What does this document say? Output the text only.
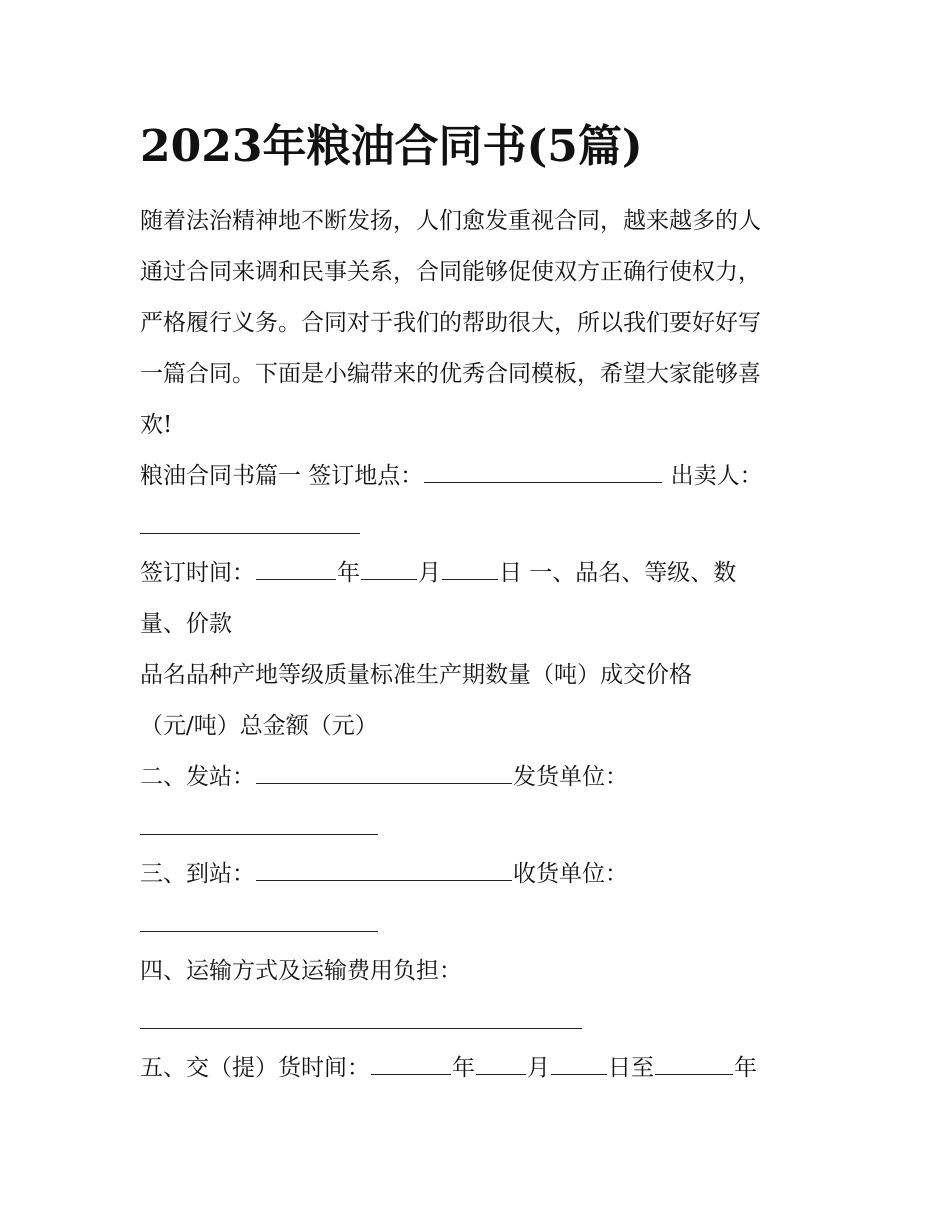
2023年粮油合同书(5篇)
随着法治精神地不断发扬，人们愈发重视合同，越来越多的人
通过合同来调和民事关系，合同能够促使双方正确行使权力，
严格履行义务。合同对于我们的帮助很大，所以我们要好好写
一篇合同。下面是小编带来的优秀合同模板，希望大家能够喜
欢!
粮油合同书篇一 签订地点：	出卖人：
签订时间：	年	月	日 一、品名、等级、数
量、价款
品名品种产地等级质量标准生产期数量（吨）成交价格
（元/吨）总金额（元）
二、发站：	发货单位：
三、到站：	收货单位：
四、运输方式及运输费用负担：
五、交（提）货时间：	年 月	日至	年
